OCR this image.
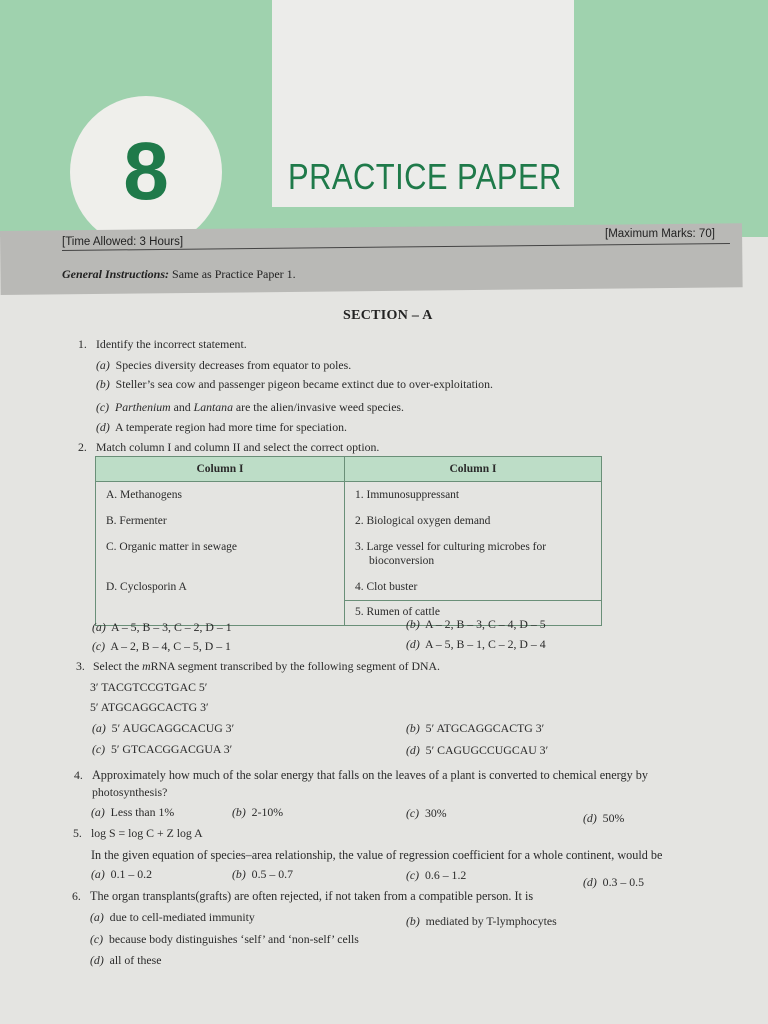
8	PRACTICE PAPER
[Time Allowed: 3 Hours]
[Maximum Marks: 70]
General Instructions: Same as Practice Paper 1.
SECTION – A
1. Identify the incorrect statement.
(a) Species diversity decreases from equator to poles.
(b) Steller’s sea cow and passenger pigeon became extinct due to over-exploitation.
(c) Parthenium and Lantana are the alien/invasive weed species.
(d) A temperate region had more time for speciation.
2. Match column I and column II and select the correct option.
Column I	Column I
A. Methanogens	1. Immunosuppressant
B. Fermenter	2. Biological oxygen demand
C. Organic matter in sewage	3. Large vessel for culturing microbes for
bioconversion
D. Cyclosporin A	4. Clot buster
	5. Rumen of cattle
(a) A – 5, B – 3, C – 2, D – 1	(b) A – 2, B – 3, C – 4, D – 5
(c) A – 2, B – 4, C – 5, D – 1	(d) A – 5, B – 1, C – 2, D – 4
3. Select the mRNA segment transcribed by the following segment of DNA.
3′ TACGTCCGTGAC 5′
5′ ATGCAGGCACTG 3′
(a) 5′ AUGCAGGCACUG 3′	(b) 5′ ATGCAGGCACTG 3′
(c) 5′ GTCACGGACGUA 3′	(d) 5′ CAGUGCCUGCAU 3′
4. Approximately how much of the solar energy that falls on the leaves of a plant is converted to chemical energy by
photosynthesis?
(a) Less than 1%	(b) 2-10%	(c) 30%	(d) 50%
5. log S = log C + Z log A
In the given equation of species–area relationship, the value of regression coefficient for a whole continent, would be
(a) 0.1 – 0.2	(b) 0.5 – 0.7	(c) 0.6 – 1.2	(d) 0.3 – 0.5
6. The organ transplants(grafts) are often rejected, if not taken from a compatible person. It is
(a) due to cell-mediated immunity	(b) mediated by T-lymphocytes
(c) because body distinguishes ‘self’ and ‘non-self’ cells
(d) all of these
